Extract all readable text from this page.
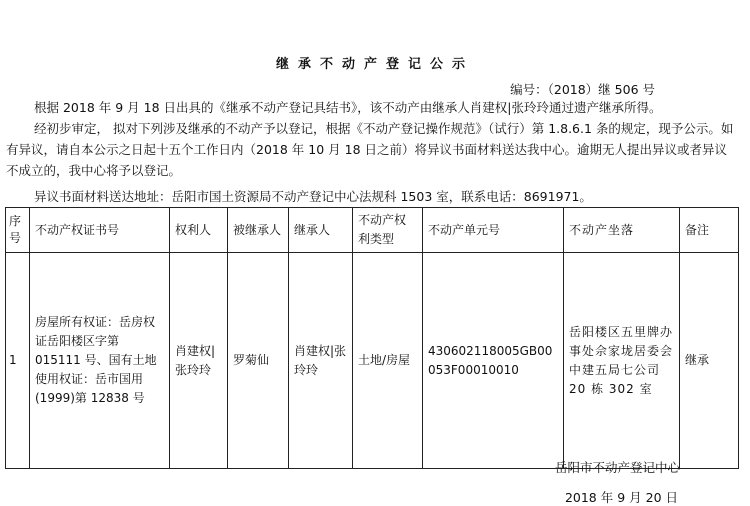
继承不动产登记公示
编号：（2018）继 506 号
根据 2018 年 9 月 18 日出具的《继承不动产登记具结书》，该不动产由继承人肖建权|张玲玲通过遗产继承所得。
经初步审定， 拟对下列涉及继承的不动产予以登记，根据《不动产登记操作规范》（试行）第 1.8.6.1 条的规定，现予公示。如有异议，请自本公示之日起十五个工作日内（2018 年 10 月 18 日之前）将异议书面材料送达我中心。逾期无人提出异议或者异议不成立的，我中心将予以登记。
异议书面材料送达地址：岳阳市国土资源局不动产登记中心法规科 1503 室，联系电话：8691971。
序号	不动产权证书号	权利人	被继承人	继承人	不动产权利类型	不动产单元号	不动产坐落	备注
1	房屋所有权证：岳房权证岳阳楼区字第015111 号、国有土地使用权证：岳市国用(1999)第 12838 号	肖建权|张玲玲	罗菊仙	肖建权|张玲玲	土地/房屋	430602118005GB00053F00010010	岳阳楼区五里牌办事处佘家垅居委会中建五局七公司 20 栋 302 室	继承
岳阳市不动产登记中心
2018 年 9 月 20 日
